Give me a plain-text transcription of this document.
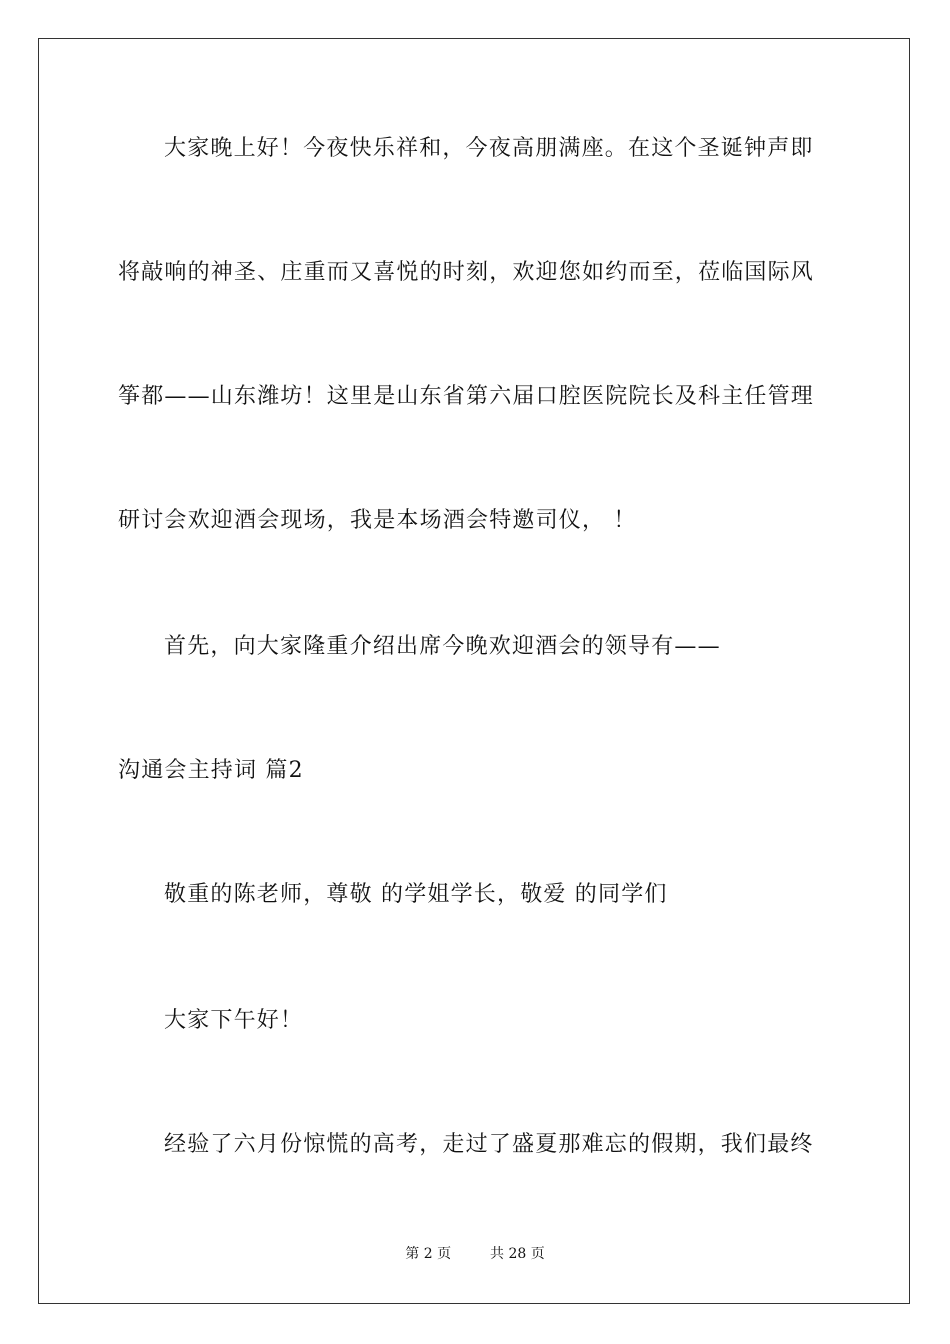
大家晚上好！今夜快乐祥和，今夜高朋满座。在这个圣诞钟声即
将敲响的神圣、庄重而又喜悦的时刻，欢迎您如约而至，莅临国际风
筝都——山东潍坊！这里是山东省第六届口腔医院院长及科主任管理
研讨会欢迎酒会现场，我是本场酒会特邀司仪， ！
首先，向大家隆重介绍出席今晚欢迎酒会的领导有——
沟通会主持词 篇2
敬重的陈老师，尊敬 的学姐学长，敬爱 的同学们
大家下午好！
经验了六月份惊慌的高考，走过了盛夏那难忘的假期，我们最终
第 2 页	共 28 页
